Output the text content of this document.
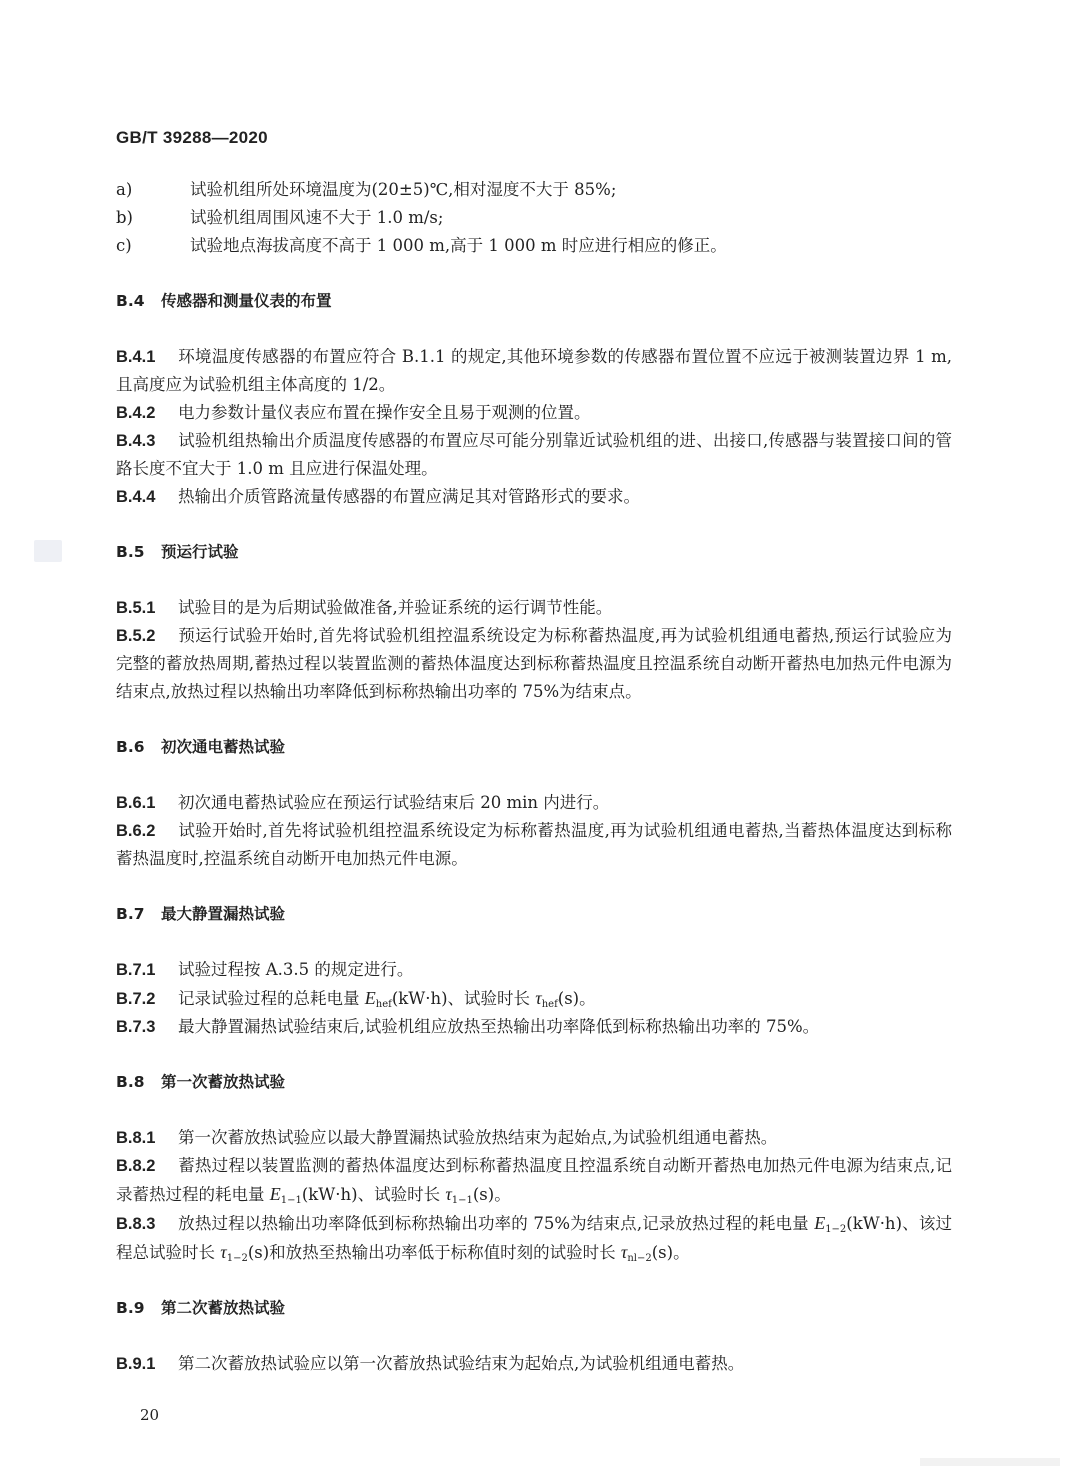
GB/T 39288—2020
a)	试验机组所处环境温度为(20±5)℃,相对湿度不大于 85%;
b)	试验机组周围风速不大于 1.0 m/s;
c)	试验地点海拔高度不高于 1 000 m,高于 1 000 m 时应进行相应的修正。
B.4 传感器和测量仪表的布置
B.4.1 环境温度传感器的布置应符合 B.1.1 的规定,其他环境参数的传感器布置位置不应远于被测装置边界 1 m,且高度应为试验机组主体高度的 1/2。
B.4.2 电力参数计量仪表应布置在操作安全且易于观测的位置。
B.4.3 试验机组热输出介质温度传感器的布置应尽可能分别靠近试验机组的进、出接口,传感器与装置接口间的管路长度不宜大于 1.0 m 且应进行保温处理。
B.4.4 热输出介质管路流量传感器的布置应满足其对管路形式的要求。
B.5 预运行试验
B.5.1 试验目的是为后期试验做准备,并验证系统的运行调节性能。
B.5.2 预运行试验开始时,首先将试验机组控温系统设定为标称蓄热温度,再为试验机组通电蓄热,预运行试验应为完整的蓄放热周期,蓄热过程以装置监测的蓄热体温度达到标称蓄热温度且控温系统自动断开蓄热电加热元件电源为结束点,放热过程以热输出功率降低到标称热输出功率的 75%为结束点。
B.6 初次通电蓄热试验
B.6.1 初次通电蓄热试验应在预运行试验结束后 20 min 内进行。
B.6.2 试验开始时,首先将试验机组控温系统设定为标称蓄热温度,再为试验机组通电蓄热,当蓄热体温度达到标称蓄热温度时,控温系统自动断开电加热元件电源。
B.7 最大静置漏热试验
B.7.1 试验过程按 A.3.5 的规定进行。
B.7.2 记录试验过程的总耗电量 $E_{hef}(kW\cdot h)$、试验时长 $\tau_{hef}(s)$。
B.7.3 最大静置漏热试验结束后,试验机组应放热至热输出功率降低到标称热输出功率的 75%。
B.8 第一次蓄放热试验
B.8.1 第一次蓄放热试验应以最大静置漏热试验放热结束为起始点,为试验机组通电蓄热。
B.8.2 蓄热过程以装置监测的蓄热体温度达到标称蓄热温度且控温系统自动断开蓄热电加热元件电源为结束点,记录蓄热过程的耗电量 $E_{1-1}(kW\cdot h)$、试验时长 $\tau_{1-1}(s)$。
B.8.3 放热过程以热输出功率降低到标称热输出功率的 75%为结束点,记录放热过程的耗电量 $E_{1-2}(kW\cdot h)$、该过程总试验时长 $\tau_{1-2}(s)$和放热至热输出功率低于标称值时刻的试验时长 $\tau_{nl-2}(s)$。
B.9 第二次蓄放热试验
B.9.1 第二次蓄放热试验应以第一次蓄放热试验结束为起始点,为试验机组通电蓄热。
20
